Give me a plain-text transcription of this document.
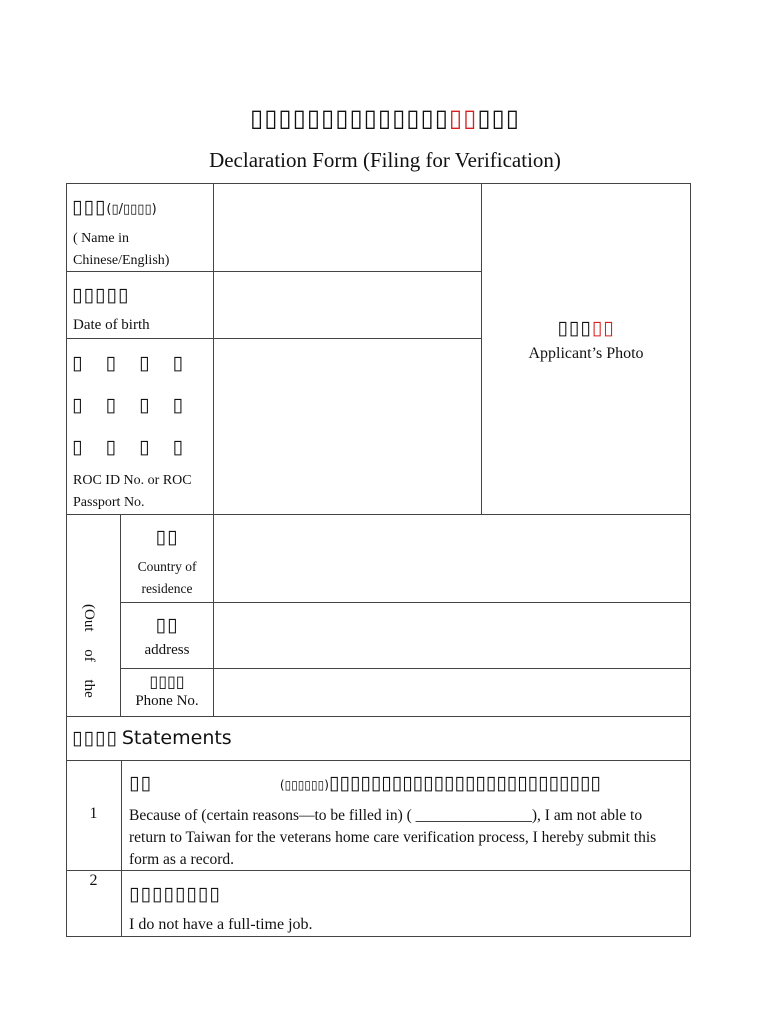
▯▯▯▯▯▯▯▯▯▯▯▯▯▯▯▯▯▯▯
Declaration Form (Filing for Verification)
▯▯▯(▯/▯▯▯▯)
( Name in
Chinese/English)
▯▯▯▯▯
Date of birth
▯	▯	▯	▯
▯	▯	▯	▯
▯	▯	▯	▯
ROC ID No. or ROC
Passport No.
▯▯▯▯▯
Applicant’s Photo
(Out of the
▯▯
Country of
residence
▯▯
address
▯▯▯▯
Phone No.
▯▯▯▯ Statements
1
▯▯	(▯▯▯▯▯▯)▯▯▯▯▯▯▯▯▯▯▯▯▯▯▯▯▯▯▯▯▯▯▯▯▯▯
Because of (certain reasons—to be filled in) ( _______________), I am not able to return to Taiwan for the veterans home care verification process, I hereby submit this form as a record.
2
▯▯▯▯▯▯▯▯
I do not have a full-time job.
